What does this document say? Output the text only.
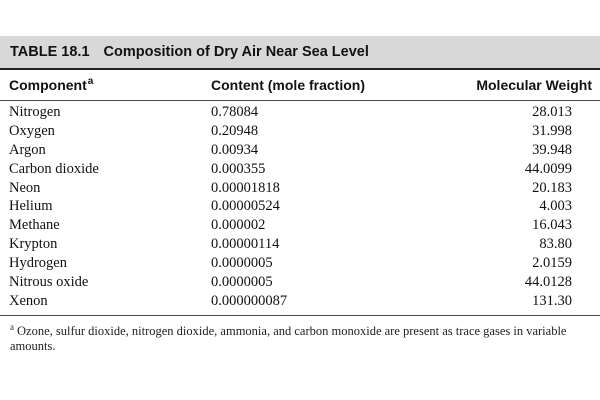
TABLE 18.1 Composition of Dry Air Near Sea Level
Component$^a$	Content (mole fraction)	Molecular Weight
Nitrogen	0.78084	28.013
Oxygen	0.20948	31.998
Argon	0.00934	39.948
Carbon dioxide	0.000355	44.0099
Neon	0.00001818	20.183
Helium	0.00000524	4.003
Methane	0.000002	16.043
Krypton	0.00000114	83.80
Hydrogen	0.0000005	2.0159
Nitrous oxide	0.0000005	44.0128
Xenon	0.000000087	131.30
$^a$ Ozone, sulfur dioxide, nitrogen dioxide, ammonia, and carbon monoxide are present as trace gases in variable amounts.
